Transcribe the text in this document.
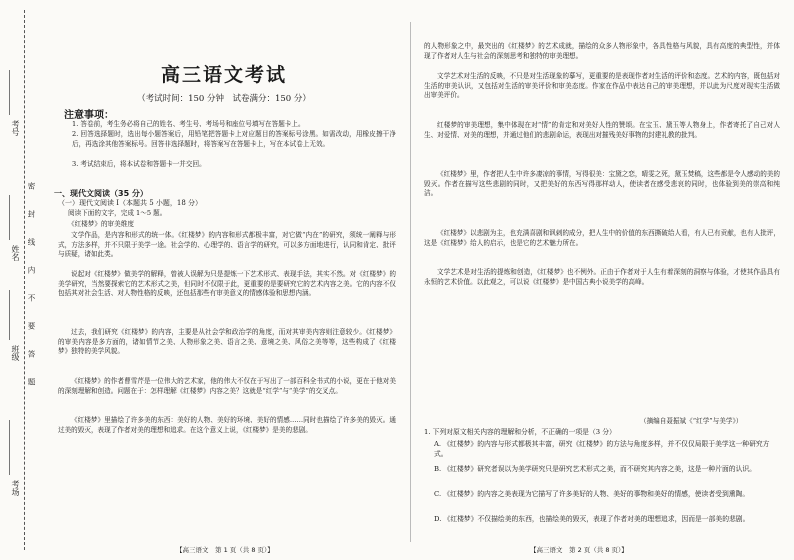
考号
姓名
班级
考场
密
封
线
内
不
要
答
题
高三语文考试
（考试时间：150 分钟　试卷满分：150 分）
注意事项：

1. 答卷前，考生务必将自己的姓名、考生号、考场号和座位号填写在答题卡上。

2. 回答选择题时，选出每小题答案后，用铅笔把答题卡上对应题目的答案标号涂黑。如需改动，用橡皮擦干净后，再选涂其他答案标号。回答非选择题时，将答案写在答题卡上，写在本试卷上无效。

3. 考试结束后，将本试卷和答题卡一并交回。

一、现代文阅读（35 分）
（一）现代文阅读 I（本题共 5 小题，18 分）
阅读下面的文字，完成 1～5 题。
《红楼梦》的审美维度

文学作品，是内容和形式的统一体。《红楼梦》的内容和形式都极丰富，对它做“内在”的研究，须统一阐释与形式，方法多样，并不只限于美学一途。社会学的、心理学的、语言学的研究，可以多方面地进行，认同和肯定、批评与质疑，诸如此类。

说起对《红楼梦》做美学的解释，曾被人误解为只是提炼一下艺术形式、表现手法，其实不然。对《红楼梦》的美学研究，当然要探索它的艺术形式之美，但同时不仅限于此，更重要的是要研究它的艺术内容之美。它的内容不仅包括其对社会生活、对人物性格的反映，还包括那些有审美意义的情感体验和思想内涵。

过去，我们研究《红楼梦》的内容，主要是从社会学和政治学的角度，而对其审美内容则注意较少。《红楼梦》的审美内容是多方面的，诸如情节之美、人物形象之美、语言之美、意境之美、风俗之美等等，这些构成了《红楼梦》独特的美学风貌。

《红楼梦》的作者曹雪芹是一位伟大的艺术家，他的伟大不仅在于写出了一部百科全书式的小说，更在于他对美的深刻理解和创造。问题在于：怎样理解《红楼梦》内容之美？这就是“红学”与“美学”的交叉点。

《红楼梦》里描绘了许多美的东西：美好的人物、美好的环境、美好的情感……同时也描绘了许多美的毁灭。通过美的毁灭，表现了作者对美的理想和追求。在这个意义上说，《红楼梦》是美的悲剧。

【高三语文　第 1 页（共 8 页）】

的人物形象之中，最突出的《红楼梦》的艺术成就，描绘的众多人物形象中，各具性格与风貌，具有高度的典型性，并体现了作者对人生与社会的深刻思考和独特的审美理想。

文学艺术对生活的反映，不只是对生活现象的摹写，更重要的是表现作者对生活的评价和态度。艺术的内容，既包括对生活的审美认识，又包括对生活的审美评价和审美态度。作家在作品中表达自己的审美理想，并以此为尺度对现实生活做出审美评价。

红楼梦的审美理想，集中体现在对“情”的肯定和对美好人性的赞颂。在宝玉、黛玉等人物身上，作者寄托了自己对人生、对爱情、对美的理想，并通过他们的悲剧命运，表现出对摧残美好事物的封建礼教的批判。

《红楼梦》里，作者把人生中许多凄凉的事情，写得很美：宝黛之恋，晴雯之死，黛玉焚稿，这些都是令人感动的美的毁灭。作者在描写这些悲剧的同时，又把美好的东西写得那样动人，使读者在感受悲哀的同时，也体验到美的崇高和纯洁。

《红楼梦》以悲剧为主，也充满喜剧和讽刺的成分，把人生中的价值的东西撕破给人看，有人已有贡献，也有人批评，这是《红楼梦》给人的启示，也是它的艺术魅力所在。

文学艺术是对生活的提炼和创造，《红楼梦》也不例外。正由于作者对于人生有着深刻的洞察与体验，才使其作品具有永恒的艺术价值。以此观之，可以说《红楼梦》是中国古典小说美学的高峰。

（摘编自聂振斌《“红学”与美学》）

1. 下列对原文相关内容的理解和分析，不正确的一项是（3 分）

A. 《红楼梦》的内容与形式都极其丰富，研究《红楼梦》的方法与角度多样，并不仅仅局限于美学这一种研究方式。

B. 《红楼梦》研究者误以为美学研究只是研究艺术形式之美，而不研究其内容之美，这是一种片面的认识。

C. 《红楼梦》的内容之美表现为它描写了许多美好的人物、美好的事物和美好的情感，使读者受到熏陶。

D. 《红楼梦》不仅描绘美的东西，也描绘美的毁灭，表现了作者对美的理想追求，因而是一部美的悲剧。

【高三语文　第 2 页（共 8 页）】
